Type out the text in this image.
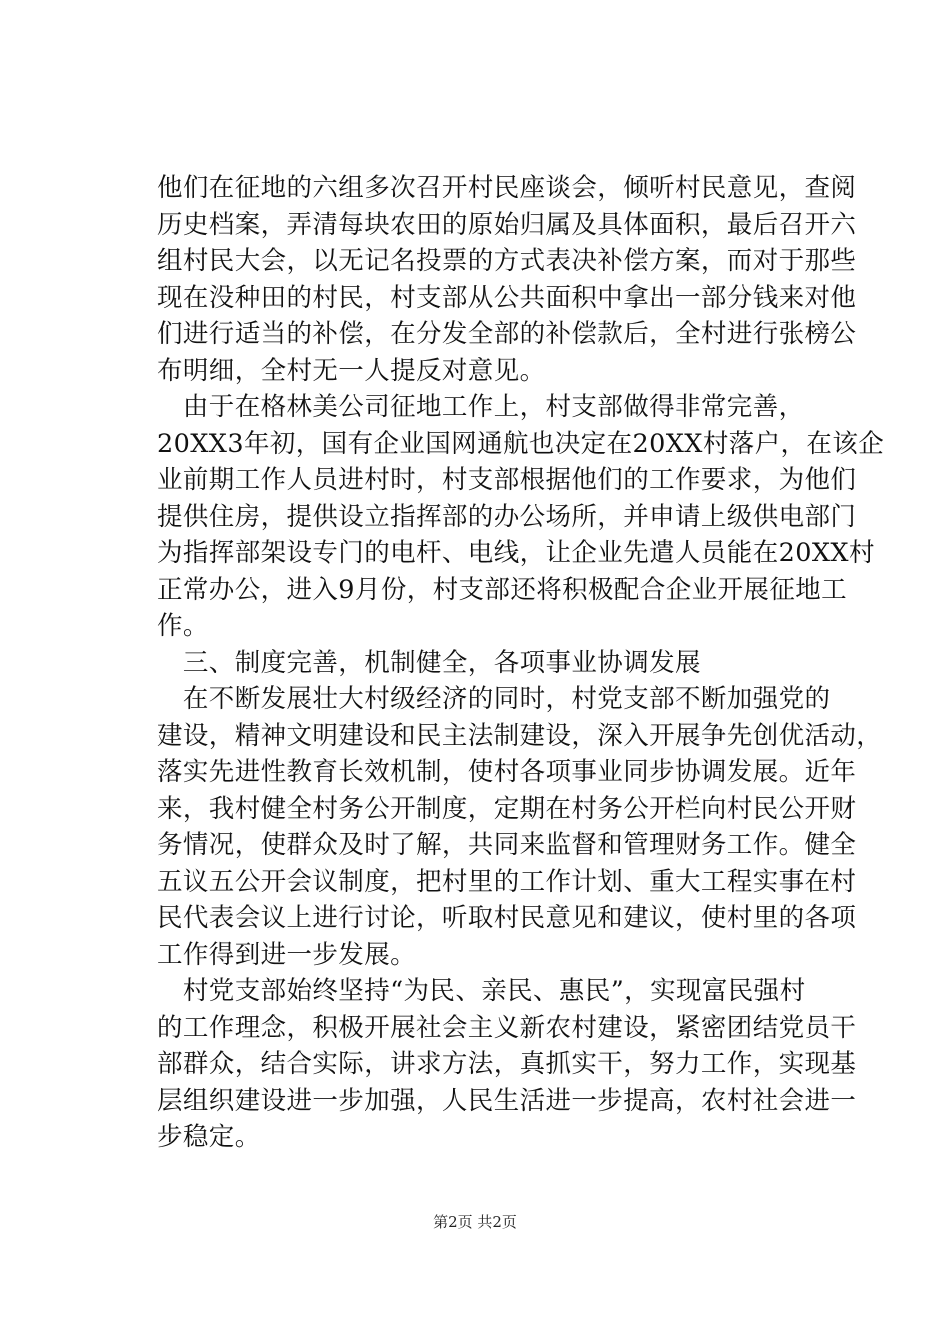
他们在征地的六组多次召开村民座谈会，倾听村民意见，查阅
历史档案，弄清每块农田的原始归属及具体面积，最后召开六
组村民大会，以无记名投票的方式表决补偿方案，而对于那些
现在没种田的村民，村支部从公共面积中拿出一部分钱来对他
们进行适当的补偿，在分发全部的补偿款后，全村进行张榜公
布明细，全村无一人提反对意见。
　由于在格林美公司征地工作上，村支部做得非常完善，
20XX3年初，国有企业国网通航也决定在20XX村落户，在该企
业前期工作人员进村时，村支部根据他们的工作要求，为他们
提供住房，提供设立指挥部的办公场所，并申请上级供电部门
为指挥部架设专门的电杆、电线，让企业先遣人员能在20XX村
正常办公，进入9月份，村支部还将积极配合企业开展征地工
作。
　三、制度完善，机制健全，各项事业协调发展
　在不断发展壮大村级经济的同时，村党支部不断加强党的
建设，精神文明建设和民主法制建设，深入开展争先创优活动，
落实先进性教育长效机制，使村各项事业同步协调发展。近年
来，我村健全村务公开制度，定期在村务公开栏向村民公开财
务情况，使群众及时了解，共同来监督和管理财务工作。健全
五议五公开会议制度，把村里的工作计划、重大工程实事在村
民代表会议上进行讨论，听取村民意见和建议，使村里的各项
工作得到进一步发展。
　村党支部始终坚持“为民、亲民、惠民”，实现富民强村
的工作理念，积极开展社会主义新农村建设，紧密团结党员干
部群众，结合实际，讲求方法，真抓实干，努力工作，实现基
层组织建设进一步加强，人民生活进一步提高，农村社会进一
步稳定。
第2页 共2页
